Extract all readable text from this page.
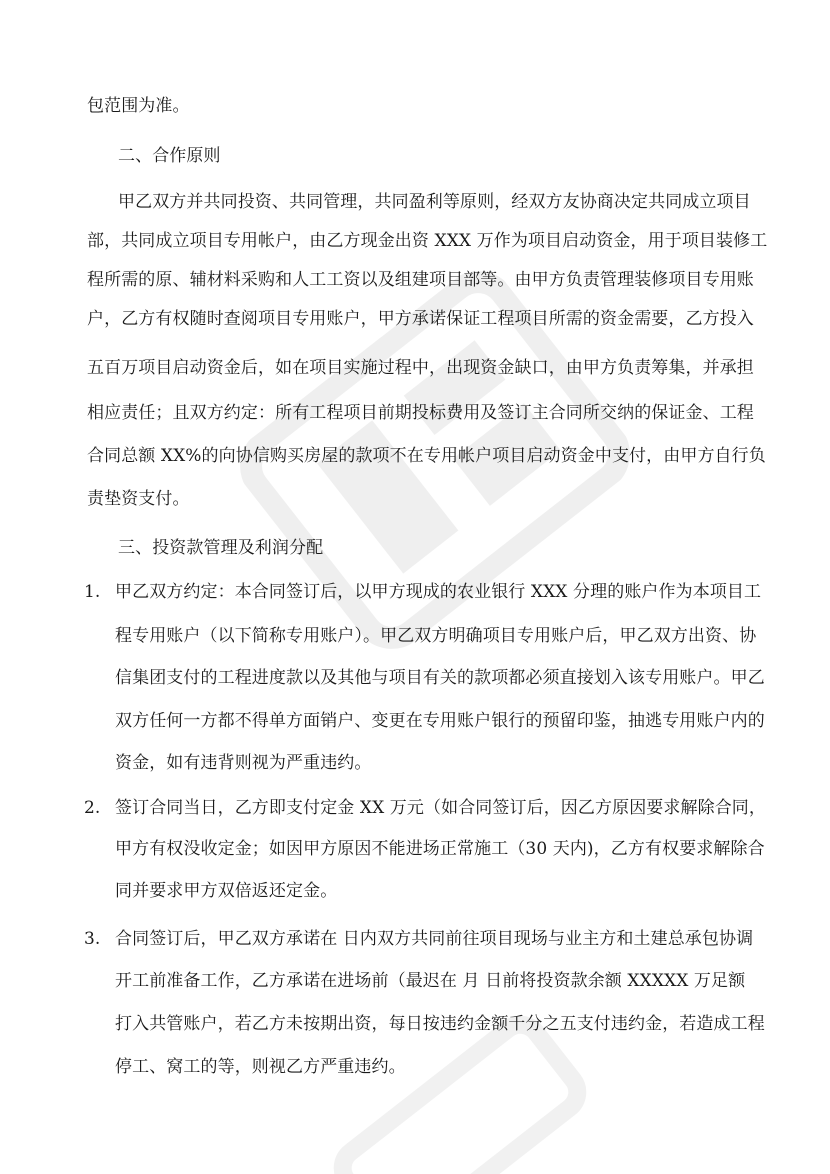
包范围为准。
二、合作原则
甲乙双方并共同投资、共同管理，共同盈利等原则，经双方友协商决定共同成立项目
部，共同成立项目专用帐户，由乙方现金出资 XXX 万作为项目启动资金，用于项目装修工
程所需的原、辅材料采购和人工工资以及组建项目部等。由甲方负责管理装修项目专用账
户，乙方有权随时查阅项目专用账户，甲方承诺保证工程项目所需的资金需要，乙方投入
五百万项目启动资金后，如在项目实施过程中，出现资金缺口，由甲方负责筹集，并承担
相应责任；且双方约定：所有工程项目前期投标费用及签订主合同所交纳的保证金、工程
合同总额 XX%的向协信购买房屋的款项不在专用帐户项目启动资金中支付，由甲方自行负
责垫资支付。
三、投资款管理及利润分配
1. 甲乙双方约定：本合同签订后，以甲方现成的农业银行 XXX 分理的账户作为本项目工
程专用账户（以下简称专用账户）。甲乙双方明确项目专用账户后，甲乙双方出资、协
信集团支付的工程进度款以及其他与项目有关的款项都必须直接划入该专用账户。甲乙
双方任何一方都不得单方面销户、变更在专用账户银行的预留印鉴，抽逃专用账户内的
资金，如有违背则视为严重违约。
2. 签订合同当日，乙方即支付定金 XX 万元（如合同签订后，因乙方原因要求解除合同，
甲方有权没收定金；如因甲方原因不能进场正常施工（30 天内)，乙方有权要求解除合
同并要求甲方双倍返还定金。
3. 合同签订后，甲乙双方承诺在 日内双方共同前往项目现场与业主方和土建总承包协调
开工前准备工作，乙方承诺在进场前（最迟在 月 日前将投资款余额 XXXXX 万足额
打入共管账户，若乙方未按期出资，每日按违约金额千分之五支付违约金，若造成工程
停工、窝工的等，则视乙方严重违约。
